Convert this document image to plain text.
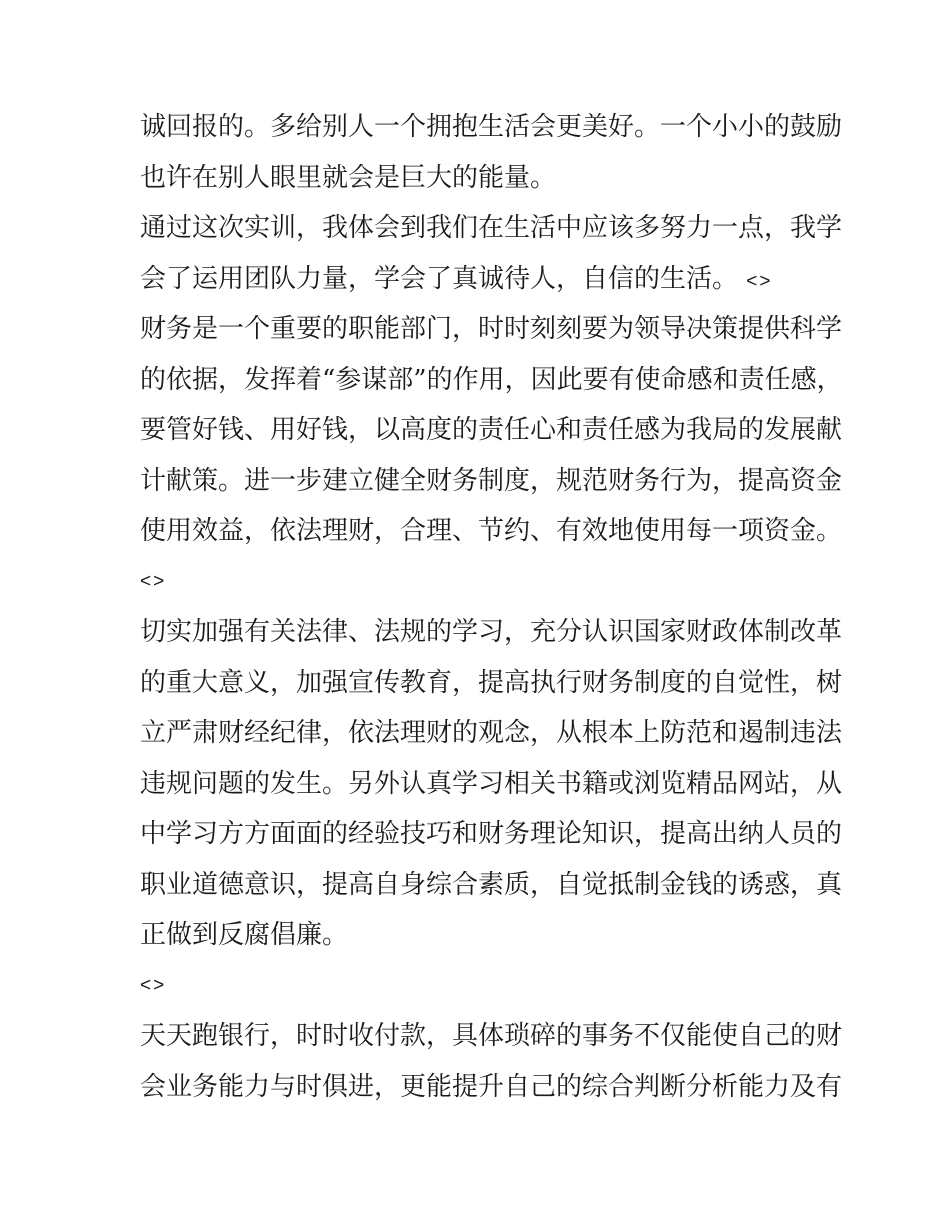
诚回报的。多给别人一个拥抱生活会更美好。一个小小的鼓励
也许在别人眼里就会是巨大的能量。
通过这次实训，我体会到我们在生活中应该多努力一点，我学
会了运用团队力量，学会了真诚待人，自信的生活。 <>
财务是一个重要的职能部门，时时刻刻要为领导决策提供科学
的依据，发挥着“参谋部”的作用，因此要有使命感和责任感，
要管好钱、用好钱，以高度的责任心和责任感为我局的发展献
计献策。进一步建立健全财务制度，规范财务行为，提高资金
使用效益，依法理财，合理、节约、有效地使用每一项资金。
<>
切实加强有关法律、法规的学习，充分认识国家财政体制改革
的重大意义，加强宣传教育，提高执行财务制度的自觉性，树
立严肃财经纪律，依法理财的观念，从根本上防范和遏制违法
违规问题的发生。另外认真学习相关书籍或浏览精品网站，从
中学习方方面面的经验技巧和财务理论知识，提高出纳人员的
职业道德意识，提高自身综合素质，自觉抵制金钱的诱惑，真
正做到反腐倡廉。
<>
天天跑银行，时时收付款，具体琐碎的事务不仅能使自己的财
会业务能力与时俱进，更能提升自己的综合判断分析能力及有
